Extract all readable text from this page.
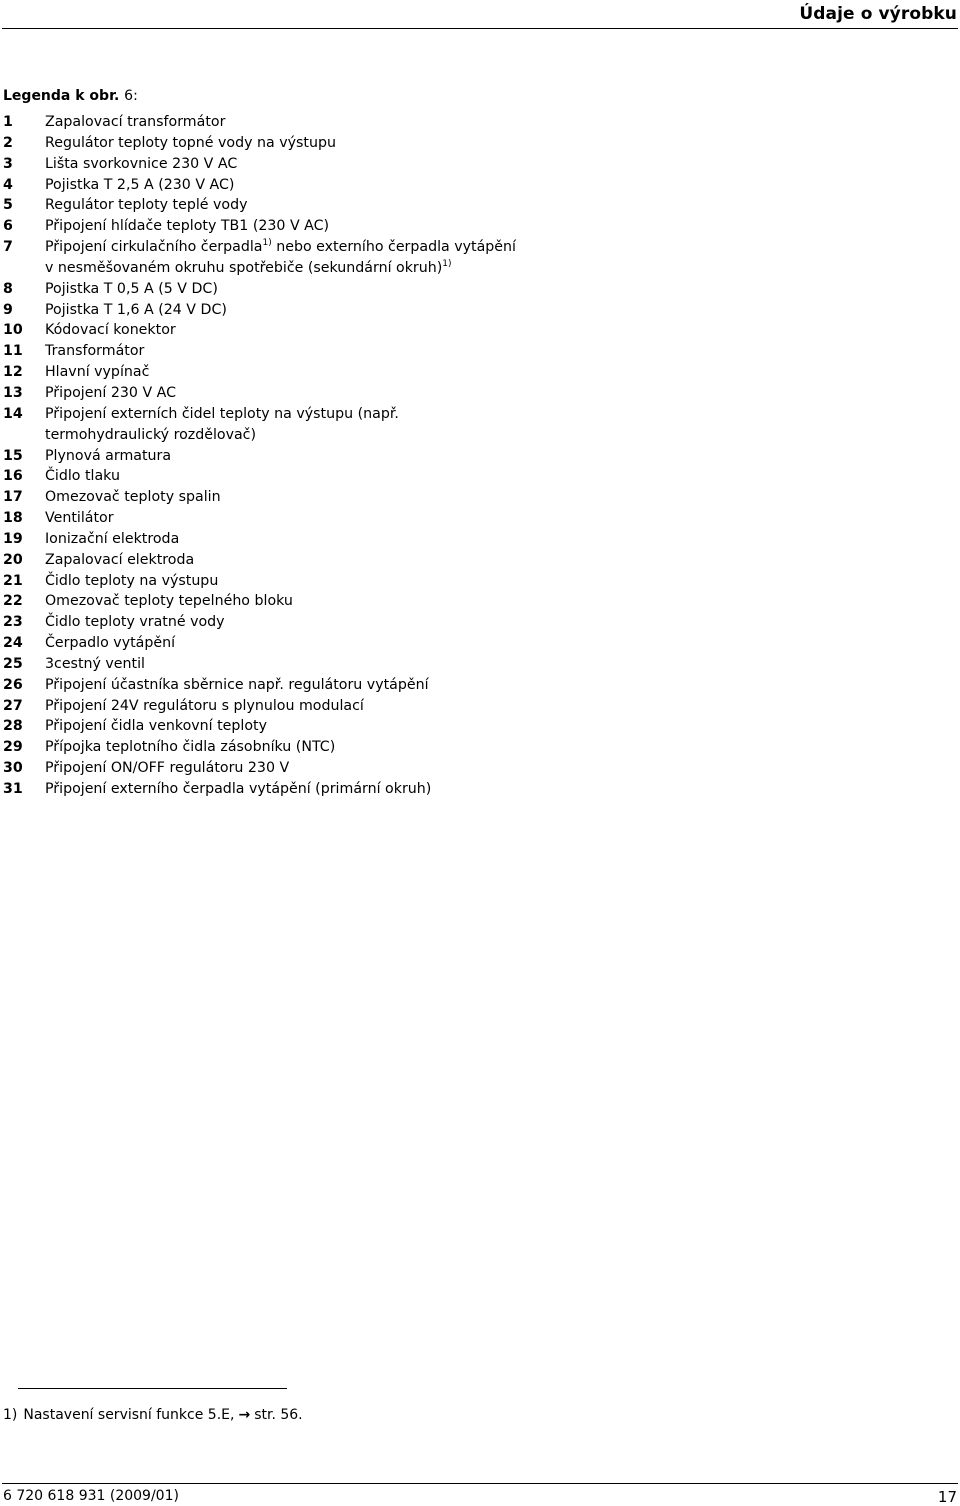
Údaje o výrobku
Legenda k obr. 6:
1	Zapalovací transformátor
2	Regulátor teploty topné vody na výstupu
3	Lišta svorkovnice 230 V AC
4	Pojistka T 2,5 A (230 V AC)
5	Regulátor teploty teplé vody
6	Připojení hlídače teploty TB1 (230 V AC)
7	Připojení cirkulačního čerpadla$^{1)}$ nebo externího čerpadla vytápění v nesměšovaném okruhu spotřebiče (sekundární okruh)$^{1)}$
8	Pojistka T 0,5 A (5 V DC)
9	Pojistka T 1,6 A (24 V DC)
10	Kódovací konektor
11	Transformátor
12	Hlavní vypínač
13	Připojení 230 V AC
14	Připojení externích čidel teploty na výstupu (např. termohydraulický rozdělovač)
15	Plynová armatura
16	Čidlo tlaku
17	Omezovač teploty spalin
18	Ventilátor
19	Ionizační elektroda
20	Zapalovací elektroda
21	Čidlo teploty na výstupu
22	Omezovač teploty tepelného bloku
23	Čidlo teploty vratné vody
24	Čerpadlo vytápění
25	3cestný ventil
26	Připojení účastníka sběrnice např. regulátoru vytápění
27	Připojení 24V regulátoru s plynulou modulací
28	Připojení čidla venkovní teploty
29	Přípojka teplotního čidla zásobníku (NTC)
30	Připojení ON/OFF regulátoru 230 V
31	Připojení externího čerpadla vytápění (primární okruh)
1) Nastavení servisní funkce 5.E, → str. 56.
6 720 618 931 (2009/01)	17
